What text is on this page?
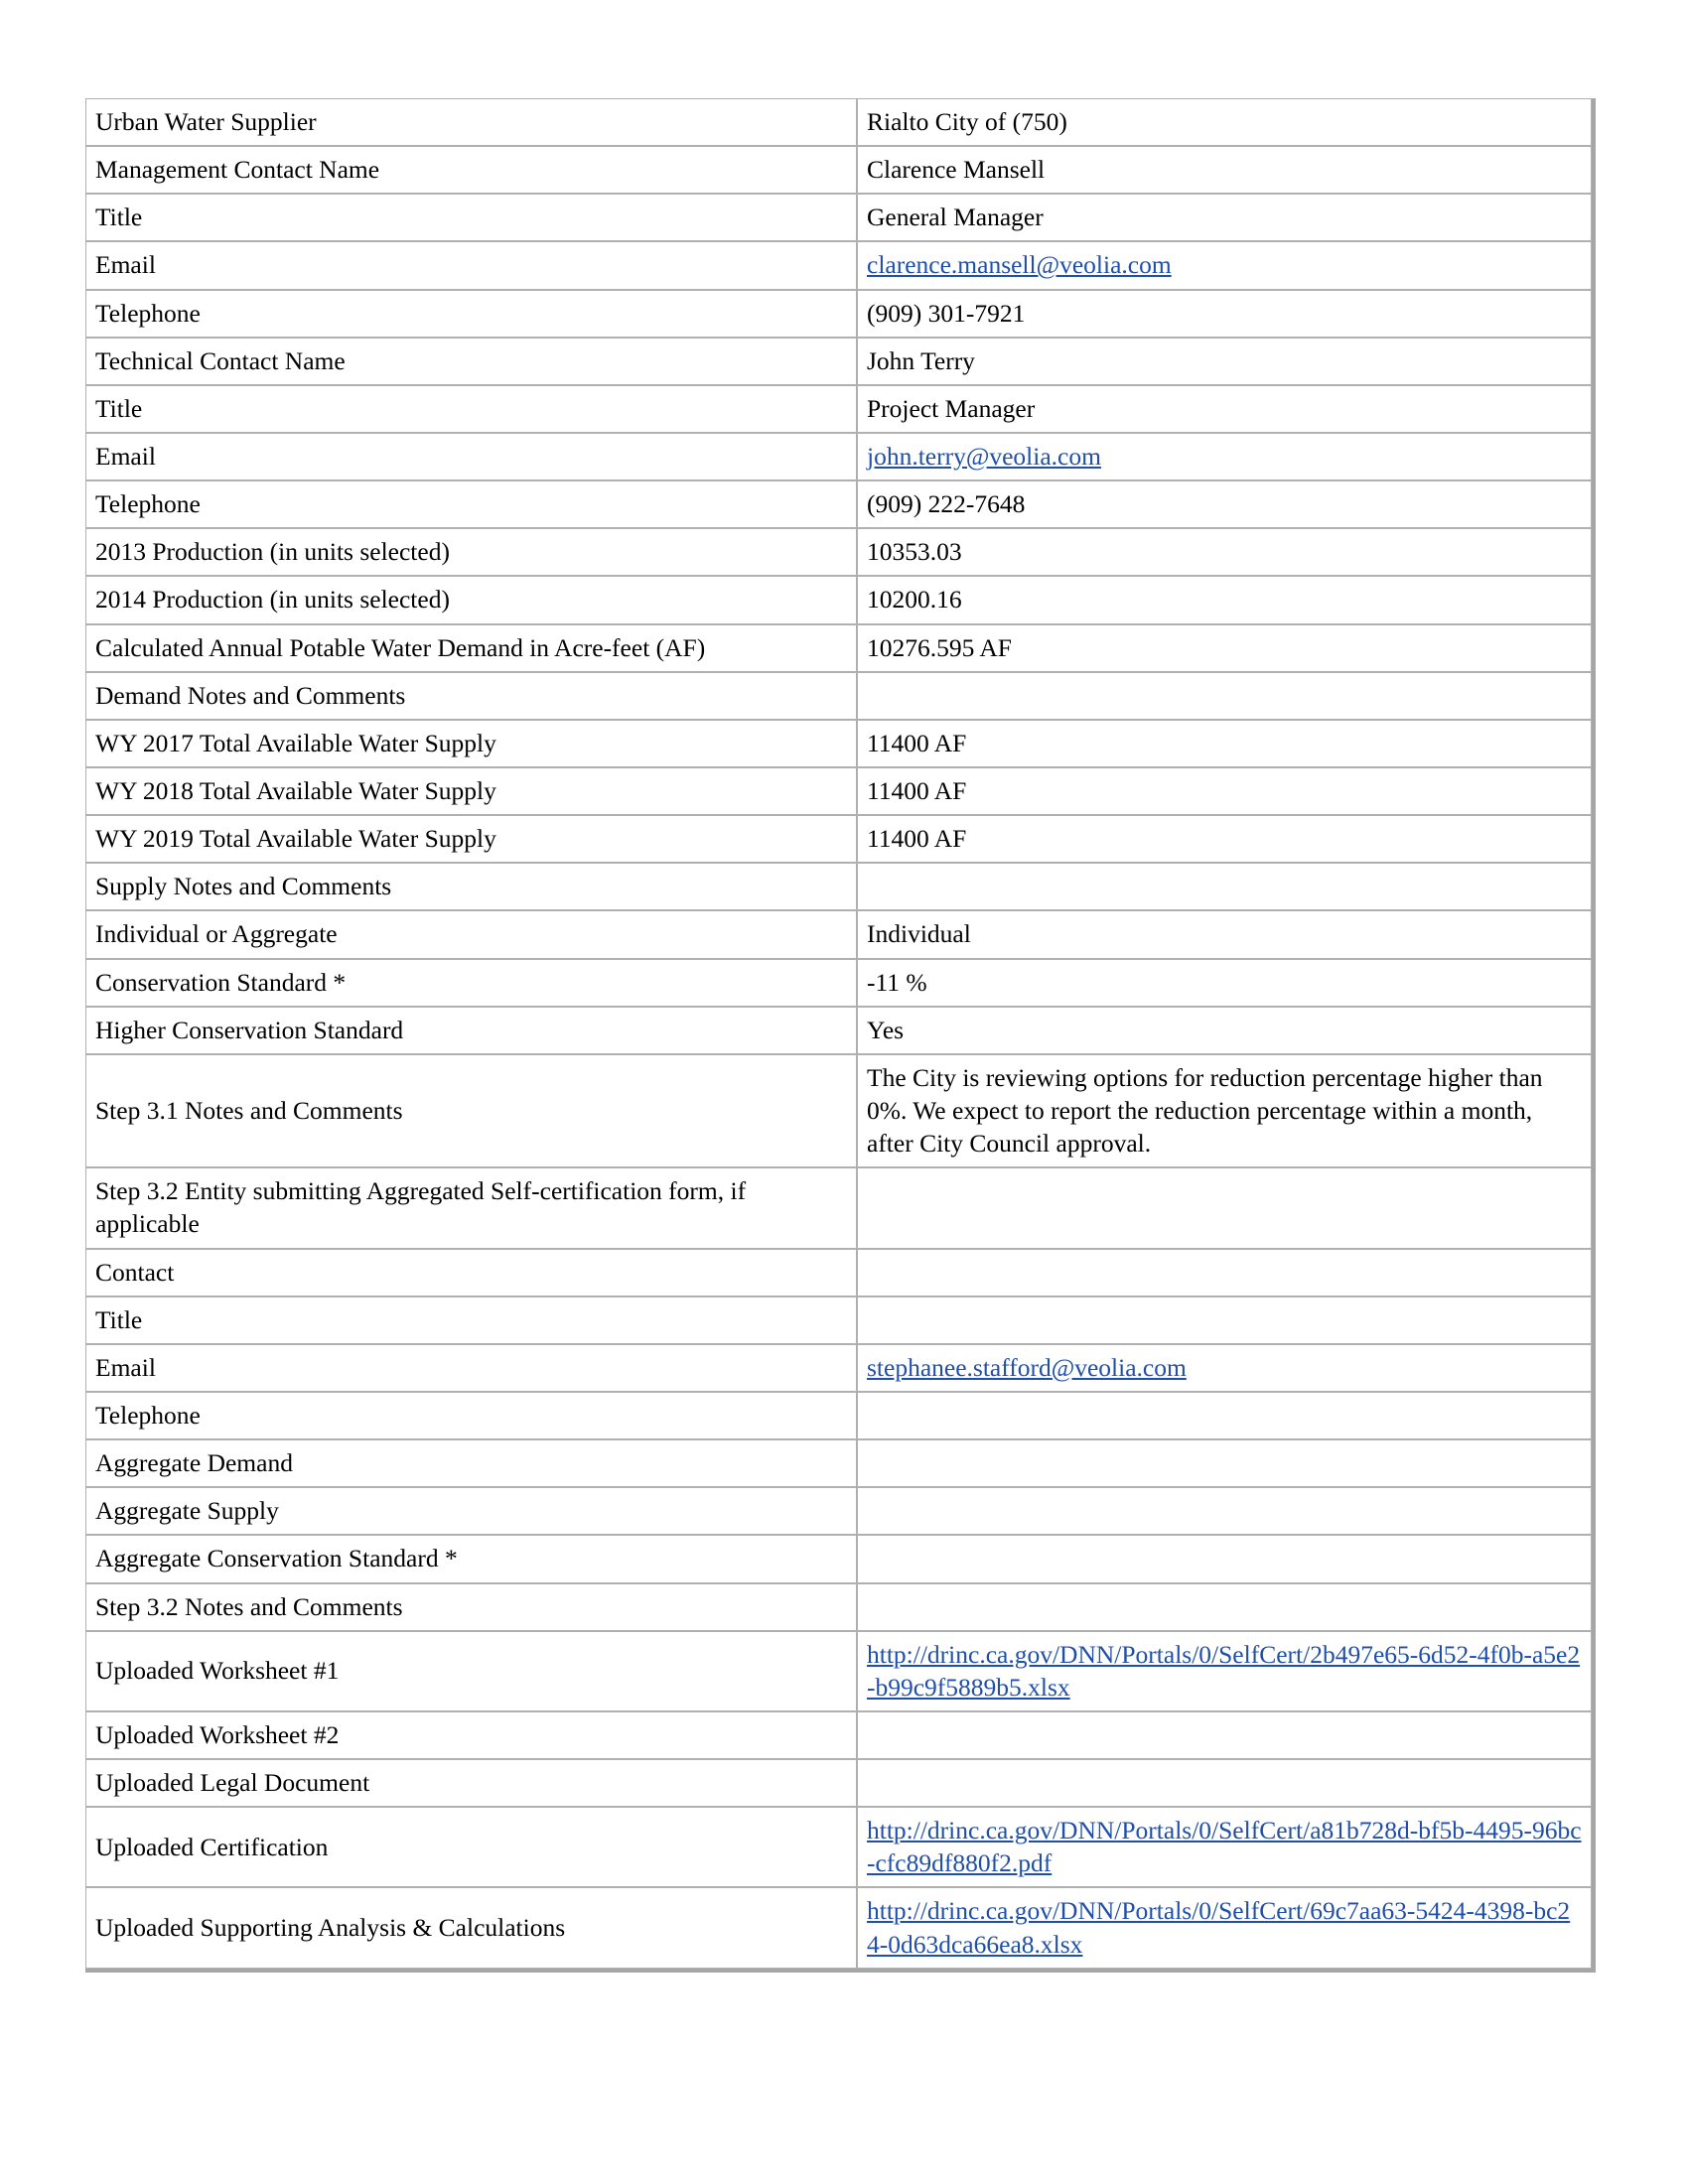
Urban Water Supplier	Rialto City of (750)
Management Contact Name	Clarence Mansell
Title	General Manager
Email	clarence.mansell@veolia.com
Telephone	(909) 301-7921
Technical Contact Name	John Terry
Title	Project Manager
Email	john.terry@veolia.com
Telephone	(909) 222-7648
2013 Production (in units selected)	10353.03
2014 Production (in units selected)	10200.16
Calculated Annual Potable Water Demand in Acre-feet (AF)	10276.595 AF
Demand Notes and Comments	
WY 2017 Total Available Water Supply	11400 AF
WY 2018 Total Available Water Supply	11400 AF
WY 2019 Total Available Water Supply	11400 AF
Supply Notes and Comments	
Individual or Aggregate	Individual
Conservation Standard *	-11 %
Higher Conservation Standard	Yes
Step 3.1 Notes and Comments	The City is reviewing options for reduction percentage higher than 0%. We expect to report the reduction percentage within a month, after City Council approval.
Step 3.2 Entity submitting Aggregated Self-certification form, if applicable	
Contact	
Title	
Email	stephanee.stafford@veolia.com
Telephone	
Aggregate Demand	
Aggregate Supply	
Aggregate Conservation Standard *	
Step 3.2 Notes and Comments	
Uploaded Worksheet #1	http://drinc.ca.gov/DNN/Portals/0/SelfCert/2b497e65-6d52-4f0b-a5e2-b99c9f5889b5.xlsx
Uploaded Worksheet #2	
Uploaded Legal Document	
Uploaded Certification	http://drinc.ca.gov/DNN/Portals/0/SelfCert/a81b728d-bf5b-4495-96bc-cfc89df880f2.pdf
Uploaded Supporting Analysis & Calculations	http://drinc.ca.gov/DNN/Portals/0/SelfCert/69c7aa63-5424-4398-bc24-0d63dca66ea8.xlsx
